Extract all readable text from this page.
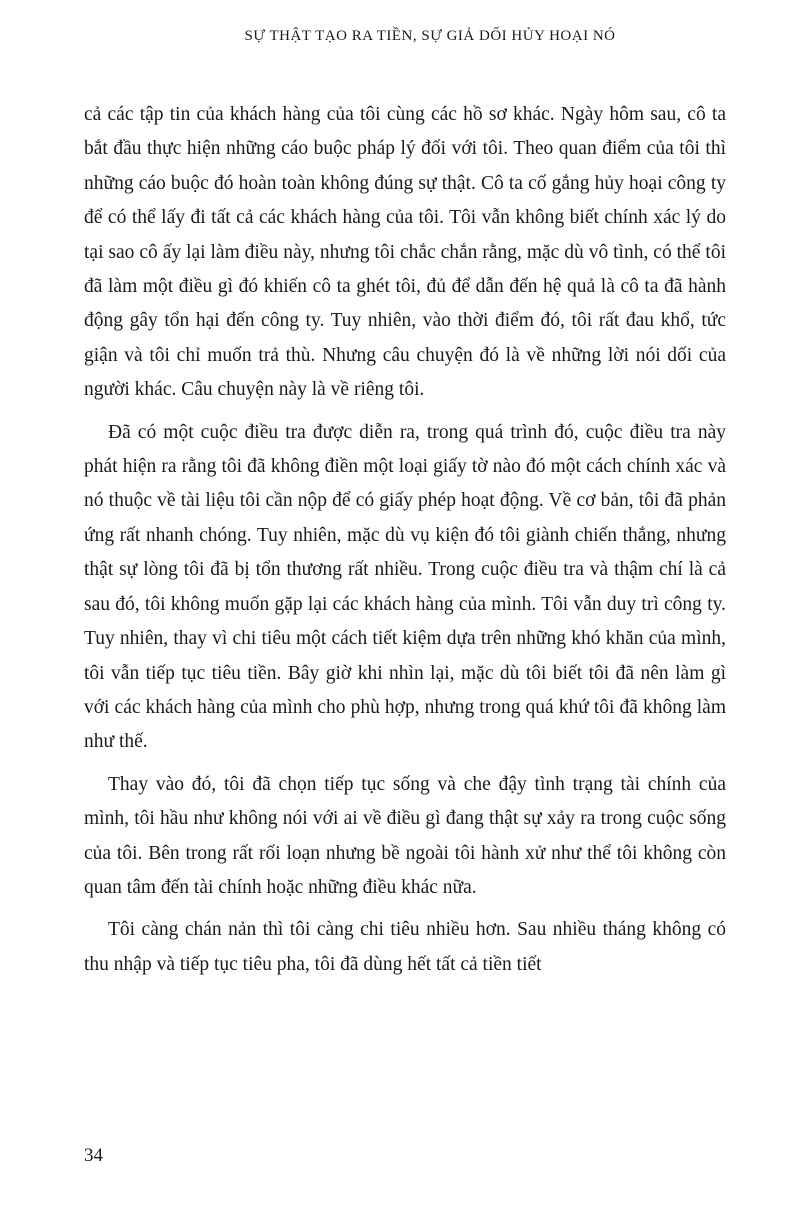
SỰ THẬT TẠO RA TIỀN, SỰ GIẢ DỐI HỦY HOẠI NÓ

cả các tập tin của khách hàng của tôi cùng các hồ sơ khác. Ngày hôm sau, cô ta bắt đầu thực hiện những cáo buộc pháp lý đối với tôi. Theo quan điểm của tôi thì những cáo buộc đó hoàn toàn không đúng sự thật. Cô ta cố gắng hủy hoại công ty để có thể lấy đi tất cả các khách hàng của tôi. Tôi vẫn không biết chính xác lý do tại sao cô ấy lại làm điều này, nhưng tôi chắc chắn rằng, mặc dù vô tình, có thể tôi đã làm một điều gì đó khiến cô ta ghét tôi, đủ để dẫn đến hệ quả là cô ta đã hành động gây tổn hại đến công ty. Tuy nhiên, vào thời điểm đó, tôi rất đau khổ, tức giận và tôi chỉ muốn trả thù. Nhưng câu chuyện đó là về những lời nói dối của người khác. Câu chuyện này là về riêng tôi.

Đã có một cuộc điều tra được diễn ra, trong quá trình đó, cuộc điều tra này phát hiện ra rằng tôi đã không điền một loại giấy tờ nào đó một cách chính xác và nó thuộc về tài liệu tôi cần nộp để có giấy phép hoạt động. Về cơ bản, tôi đã phản ứng rất nhanh chóng. Tuy nhiên, mặc dù vụ kiện đó tôi giành chiến thắng, nhưng thật sự lòng tôi đã bị tổn thương rất nhiều. Trong cuộc điều tra và thậm chí là cả sau đó, tôi không muốn gặp lại các khách hàng của mình. Tôi vẫn duy trì công ty. Tuy nhiên, thay vì chi tiêu một cách tiết kiệm dựa trên những khó khăn của mình, tôi vẫn tiếp tục tiêu tiền. Bây giờ khi nhìn lại, mặc dù tôi biết tôi đã nên làm gì với các khách hàng của mình cho phù hợp, nhưng trong quá khứ tôi đã không làm như thế.

Thay vào đó, tôi đã chọn tiếp tục sống và che đậy tình trạng tài chính của mình, tôi hầu như không nói với ai về điều gì đang thật sự xảy ra trong cuộc sống của tôi. Bên trong rất rối loạn nhưng bề ngoài tôi hành xử như thể tôi không còn quan tâm đến tài chính hoặc những điều khác nữa.

Tôi càng chán nản thì tôi càng chi tiêu nhiều hơn. Sau nhiều tháng không có thu nhập và tiếp tục tiêu pha, tôi đã dùng hết tất cả tiền tiết

34
